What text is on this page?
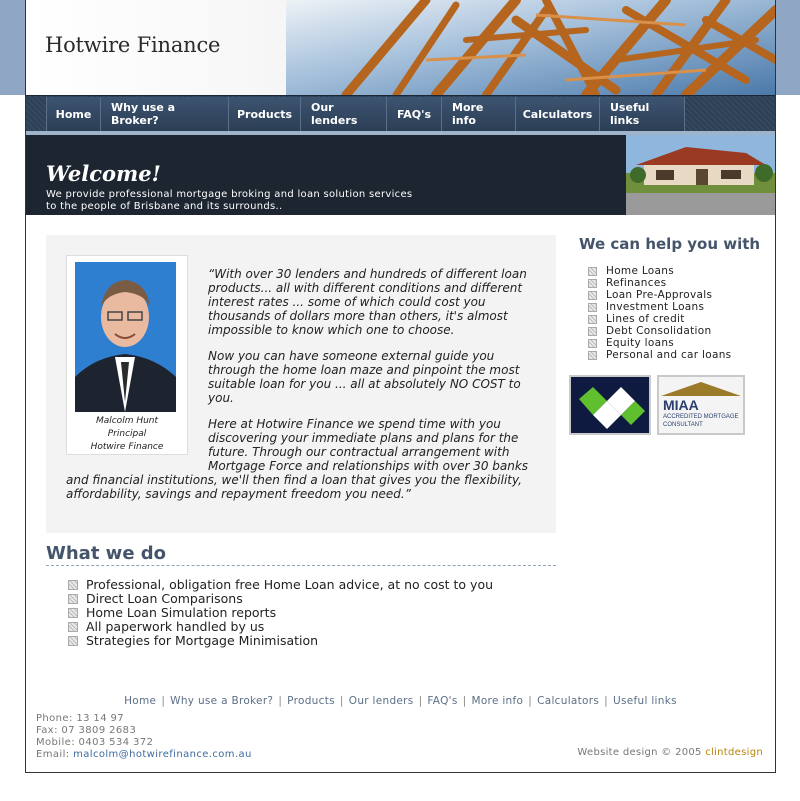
Hotwire Finance
Home	Why use a Broker?	Products	Our lenders	FAQ's	More info	Calculators	Useful links
Welcome!
We provide professional mortgage broking and loan solution services
to the people of Brisbane and its surrounds..
Malcolm Hunt
Principal
Hotwire Finance

“With over 30 lenders and hundreds of different loan products... all with different conditions and different interest rates ... some of which could cost you thousands of dollars more than others, it's almost impossible to know which one to choose.

Now you can have someone external guide you through the home loan maze and pinpoint the most suitable loan for you ... all at absolutely NO COST to you.

Here at Hotwire Finance we spend time with you discovering your immediate plans and plans for the future. Through our contractual arrangement with Mortgage Force and relationships with over 30 banks and financial institutions, we'll then find a loan that gives you the flexibility, affordability, savings and repayment freedom you need.”

What we do
Professional, obligation free Home Loan advice, at no cost to you
Direct Loan Comparisons
Home Loan Simulation reports
All paperwork handled by us
Strategies for Mortgage Minimisation
We can help you with
Home Loans
Refinances
Loan Pre-Approvals
Investment Loans
Lines of credit
Debt Consolidation
Equity loans
Personal and car loans
MIAA
ACCREDITED MORTGAGE
CONSULTANT
Home | Why use a Broker? | Products | Our lenders | FAQ's | More info | Calculators | Useful links
Phone: 13 14 97
Fax: 07 3809 2683
Mobile: 0403 534 372
Email: malcolm@hotwirefinance.com.au	Website design © 2005 clintdesign
